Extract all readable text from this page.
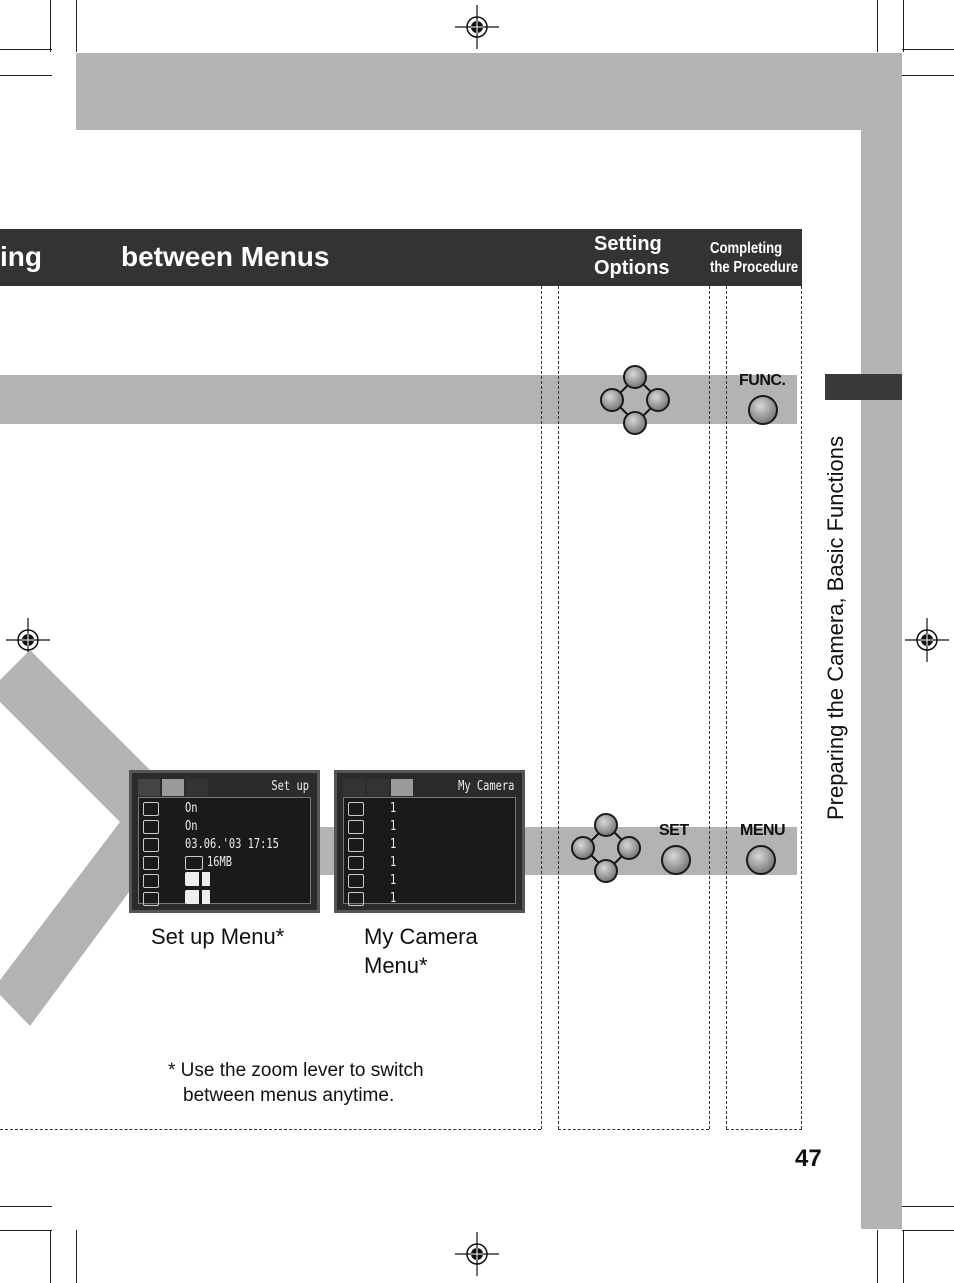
Preparing the Camera, Basic Functions
ing	between Menus	Setting
Options
Completing
the Procedure
FUNC.
SET	MENU
Set up
On
On
03.06.'03 17:15
16MB
Set up Menu*
My Camera
1
1
1
1
1
1
My Camera
Menu*
* Use the zoom lever to switch
between menus anytime.
47
